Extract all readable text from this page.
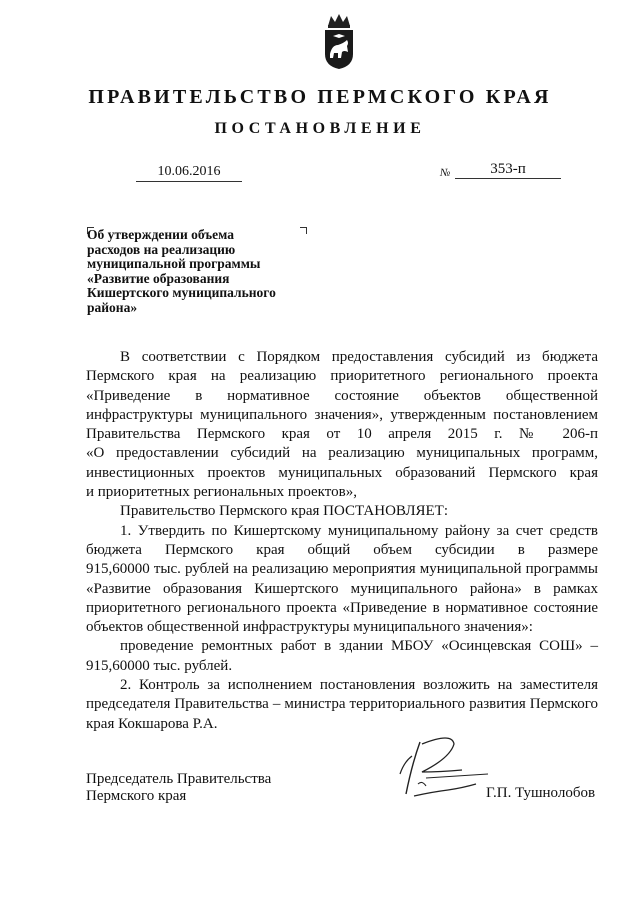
ПРАВИТЕЛЬСТВО ПЕРМСКОГО КРАЯ
ПОСТАНОВЛЕНИЕ
10.06.2016	№	353-п
Об утверждении объема
расходов на реализацию
муниципальной программы
«Развитие образования
Кишертского муниципального
района»
В соответствии с Порядком предоставления субсидий из бюджета
Пермского края на реализацию приоритетного регионального проекта
«Приведение в нормативное состояние объектов общественной
инфраструктуры муниципального значения», утвержденным постановлением
Правительства Пермского края от 10 апреля 2015 г. № 206-п
«О предоставлении субсидий на реализацию муниципальных программ,
инвестиционных проектов муниципальных образований Пермского края
и приоритетных региональных проектов»,
Правительство Пермского края ПОСТАНОВЛЯЕТ:
1. Утвердить по Кишертскому муниципальному району за счет средств
бюджета Пермского края общий объем субсидии в размере
915,60000 тыс. рублей на реализацию мероприятия муниципальной программы
«Развитие образования Кишертского муниципального района» в рамках
приоритетного регионального проекта «Приведение в нормативное состояние
объектов общественной инфраструктуры муниципального значения»:
проведение ремонтных работ в здании МБОУ «Осинцевская СОШ» –
915,60000 тыс. рублей.
2. Контроль за исполнением постановления возложить на заместителя
председателя Правительства – министра территориального развития Пермского
края Кокшарова Р.А.
Председатель Правительства
Пермского края	Г.П. Тушнолобов
